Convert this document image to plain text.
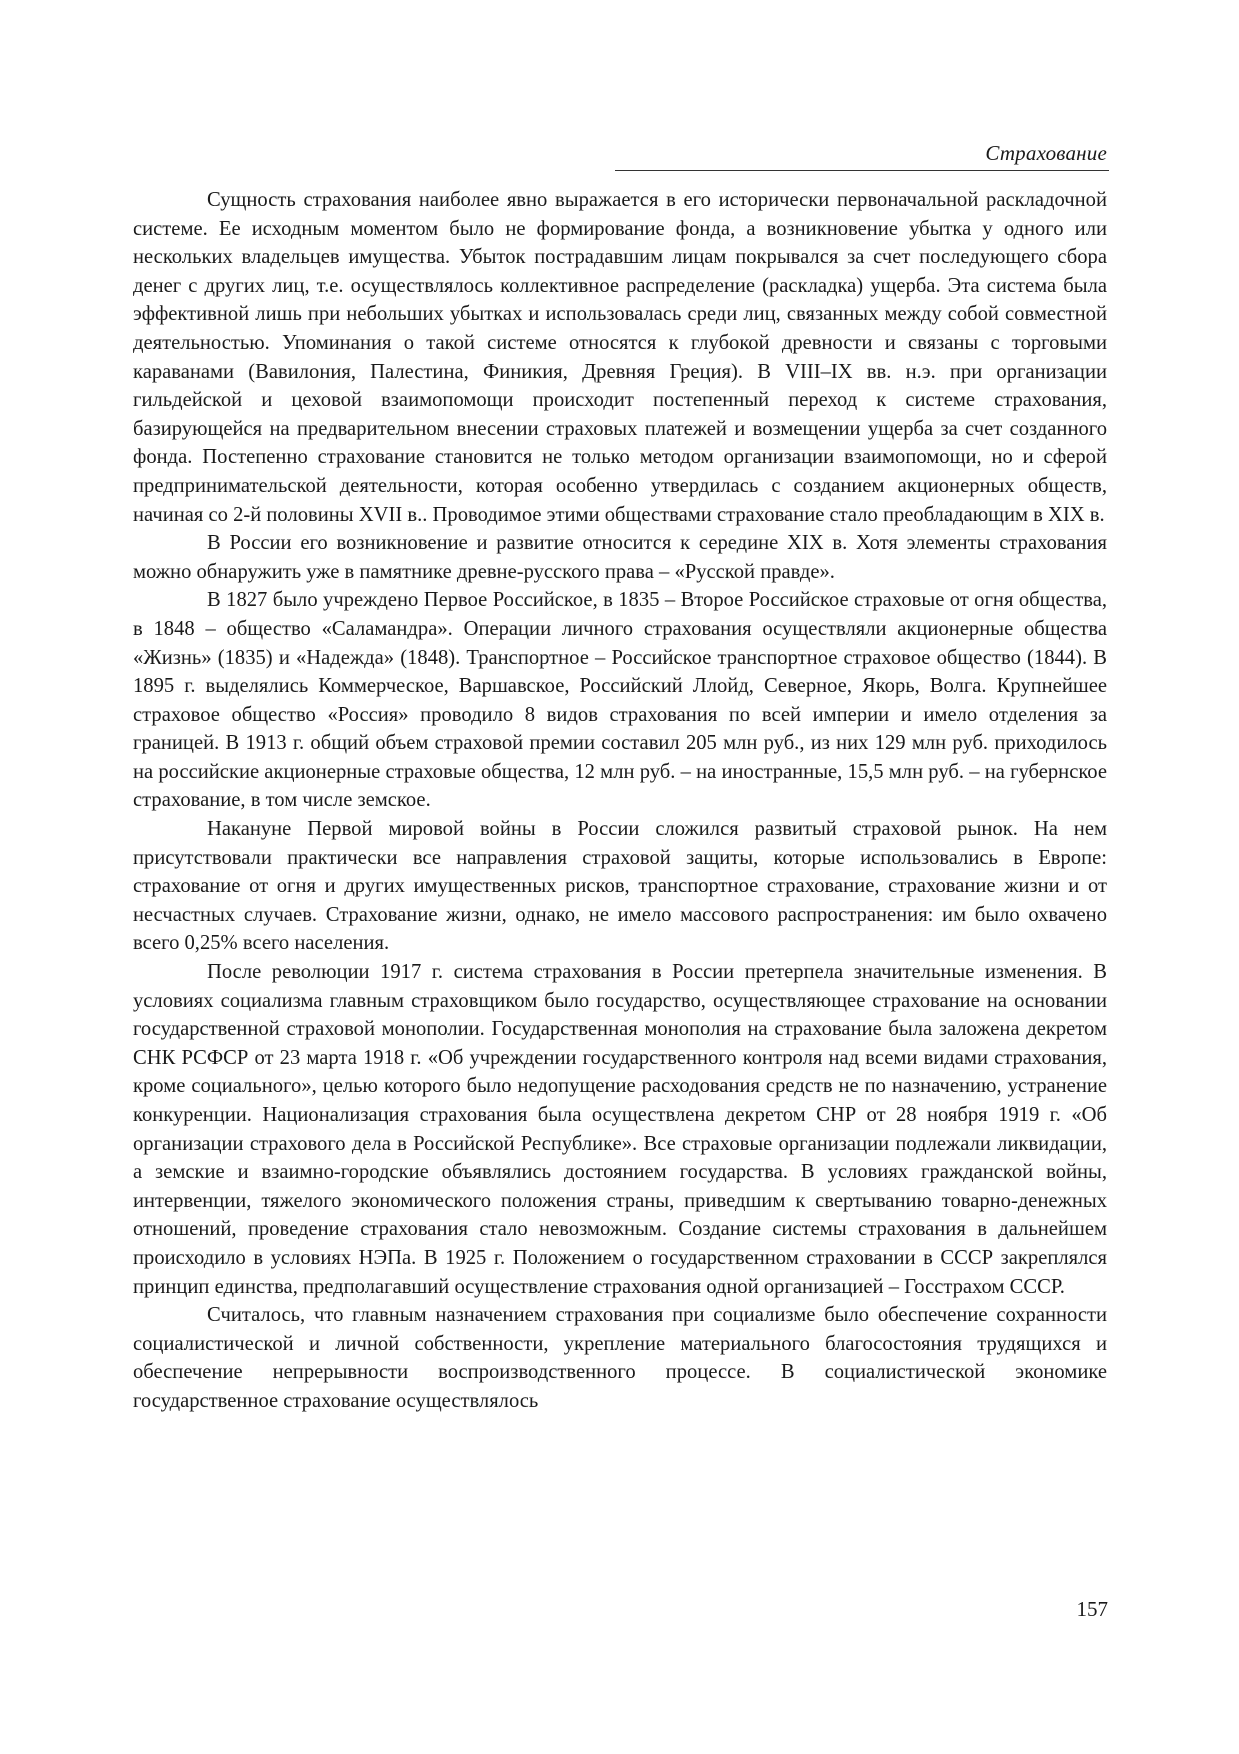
Страхование

Сущность страхования наиболее явно выражается в его исторически первоначальной раскладочной системе. Ее исходным моментом было не формирование фонда, а возникновение убытка у одного или нескольких владельцев имущества. Убыток пострадавшим лицам покрывался за счет последующего сбора денег с других лиц, т.е. осуществлялось коллективное распределение (раскладка) ущерба. Эта система была эффективной лишь при небольших убытках и использовалась среди лиц, связанных между собой совместной деятельностью. Упоминания о такой системе относятся к глубокой древности и связаны с торговыми караванами (Вавилония, Палестина, Финикия, Древняя Греция). В VIII–IX вв. н.э. при организации гильдейской и цеховой взаимопомощи происходит постепенный переход к системе страхования, базирующейся на предварительном внесении страховых платежей и возмещении ущерба за счет созданного фонда. Постепенно страхование становится не только методом организации взаимопомощи, но и сферой предпринимательской деятельности, которая особенно утвердилась с созданием акционерных обществ, начиная со 2-й половины XVII в.. Проводимое этими обществами страхование стало преобладающим в XIX в.

В России его возникновение и развитие относится к середине XIX в. Хотя элементы страхования можно обнаружить уже в памятнике древне-русского права – «Русской правде».

В 1827 было учреждено Первое Российское, в 1835 – Второе Российское страховые от огня общества, в 1848 – общество «Саламандра». Операции личного страхования осуществляли акционерные общества «Жизнь» (1835) и «Надежда» (1848). Транспортное – Российское транспортное страховое общество (1844). В 1895 г. выделялись Коммерческое, Варшавское, Российский Ллойд, Северное, Якорь, Волга. Крупнейшее страховое общество «Россия» проводило 8 видов страхования по всей империи и имело отделения за границей. В 1913 г. общий объем страховой премии составил 205 млн руб., из них 129 млн руб. приходилось на российские акционерные страховые общества, 12 млн руб. – на иностранные, 15,5 млн руб. – на губернское страхование, в том числе земское.

Накануне Первой мировой войны в России сложился развитый страховой рынок. На нем присутствовали практически все направления страховой защиты, которые использовались в Европе: страхование от огня и других имущественных рисков, транспортное страхование, страхование жизни и от несчастных случаев. Страхование жизни, однако, не имело массового распространения: им было охвачено всего 0,25% всего населения.

После революции 1917 г. система страхования в России претерпела значительные изменения. В условиях социализма главным страховщиком было государство, осуществляющее страхование на основании государственной страховой монополии. Государственная монополия на страхование была заложена декретом СНК РСФСР от 23 марта 1918 г. «Об учреждении государственного контроля над всеми видами страхования, кроме социального», целью которого было недопущение расходования средств не по назначению, устранение конкуренции. Национализация страхования была осуществлена декретом СНР от 28 ноября 1919 г. «Об организации страхового дела в Российской Республике». Все страховые организации подлежали ликвидации, а земские и взаимно-городские объявлялись достоянием государства. В условиях гражданской войны, интервенции, тяжелого экономического положения страны, приведшим к свертыванию товарно-денежных отношений, проведение страхования стало невозможным. Создание системы страхования в дальнейшем происходило в условиях НЭПа. В 1925 г. Положением о государственном страховании в СССР закреплялся принцип единства, предполагавший осуществление страхования одной организацией – Госстрахом СССР.

Считалось, что главным назначением страхования при социализме было обеспечение сохранности социалистической и личной собственности, укрепление материального благосостояния трудящихся и обеспечение непрерывности воспроизводственного процессе. В социалистической экономике государственное страхование осуществлялось

157
